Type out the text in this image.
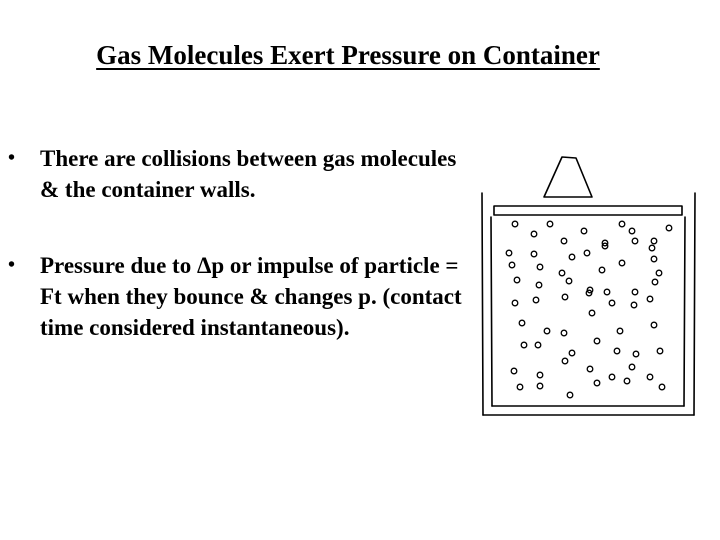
Gas Molecules Exert Pressure on Container
• There are collisions between gas molecules & the container walls.
• Pressure due to Δp or impulse of particle = Ft when they bounce & changes p. (contact time considered instantaneous).
